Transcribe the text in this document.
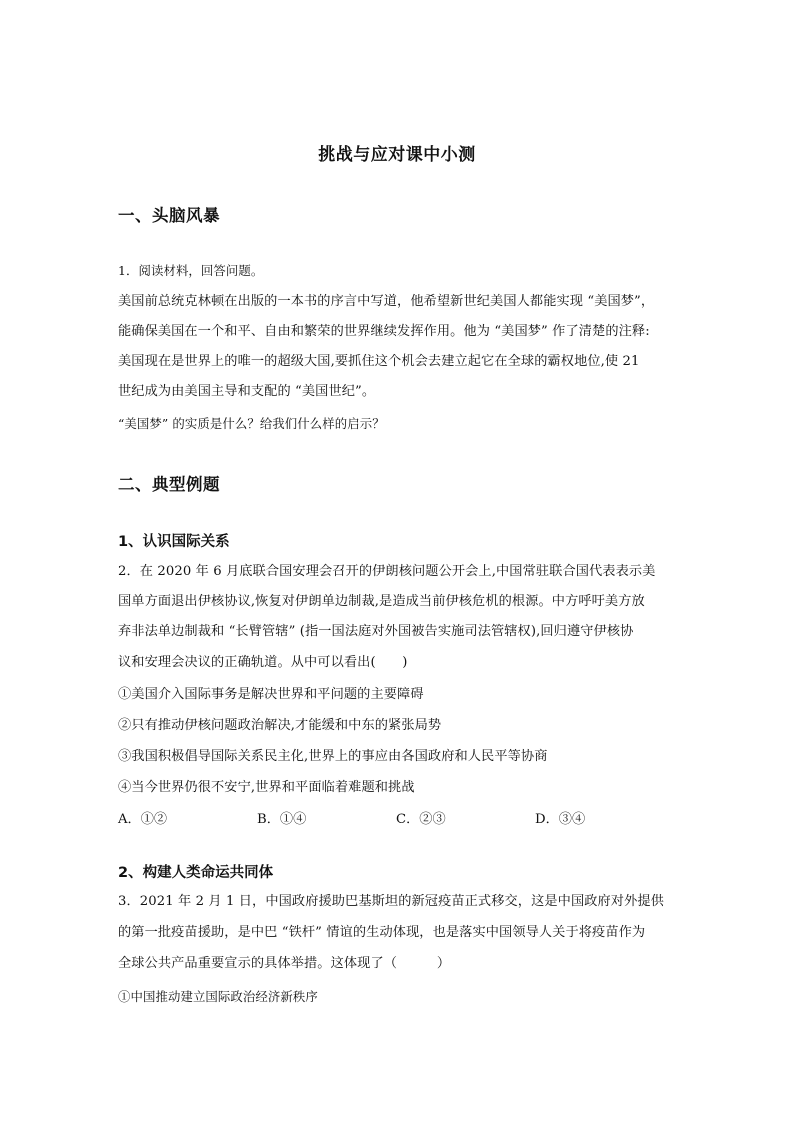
挑战与应对课中小测
一、头脑风暴
1．阅读材料，回答问题。
美国前总统克林顿在出版的一本书的序言中写道，他希望新世纪美国人都能实现 “美国梦”，
能确保美国在一个和平、自由和繁荣的世界继续发挥作用。他为 “美国梦” 作了清楚的注释:
美国现在是世界上的唯一的超级大国,要抓住这个机会去建立起它在全球的霸权地位,使 21
世纪成为由美国主导和支配的 “美国世纪”。
“美国梦” 的实质是什么？给我们什么样的启示？
二、典型例题
1、认识国际关系
2．在 2020 年 6 月底联合国安理会召开的伊朗核问题公开会上,中国常驻联合国代表表示美
国单方面退出伊核协议,恢复对伊朗单边制裁,是造成当前伊核危机的根源。中方呼吁美方放
弃非法单边制裁和 “长臂管辖” (指一国法庭对外国被告实施司法管辖权),回归遵守伊核协
议和安理会决议的正确轨道。从中可以看出(　　)
①美国介入国际事务是解决世界和平问题的主要障碍
②只有推动伊核问题政治解决,才能缓和中东的紧张局势
③我国积极倡导国际关系民主化,世界上的事应由各国政府和人民平等协商
④当今世界仍很不安宁,世界和平面临着难题和挑战
A．①②	B．①④	C．②③	D．③④
2、构建人类命运共同体
3．2021 年 2 月 1 日，中国政府援助巴基斯坦的新冠疫苗正式移交，这是中国政府对外提供
的第一批疫苗援助，是中巴 “铁杆” 情谊的生动体现，也是落实中国领导人关于将疫苗作为
全球公共产品重要宣示的具体举措。这体现了（　　　）
①中国推动建立国际政治经济新秩序
